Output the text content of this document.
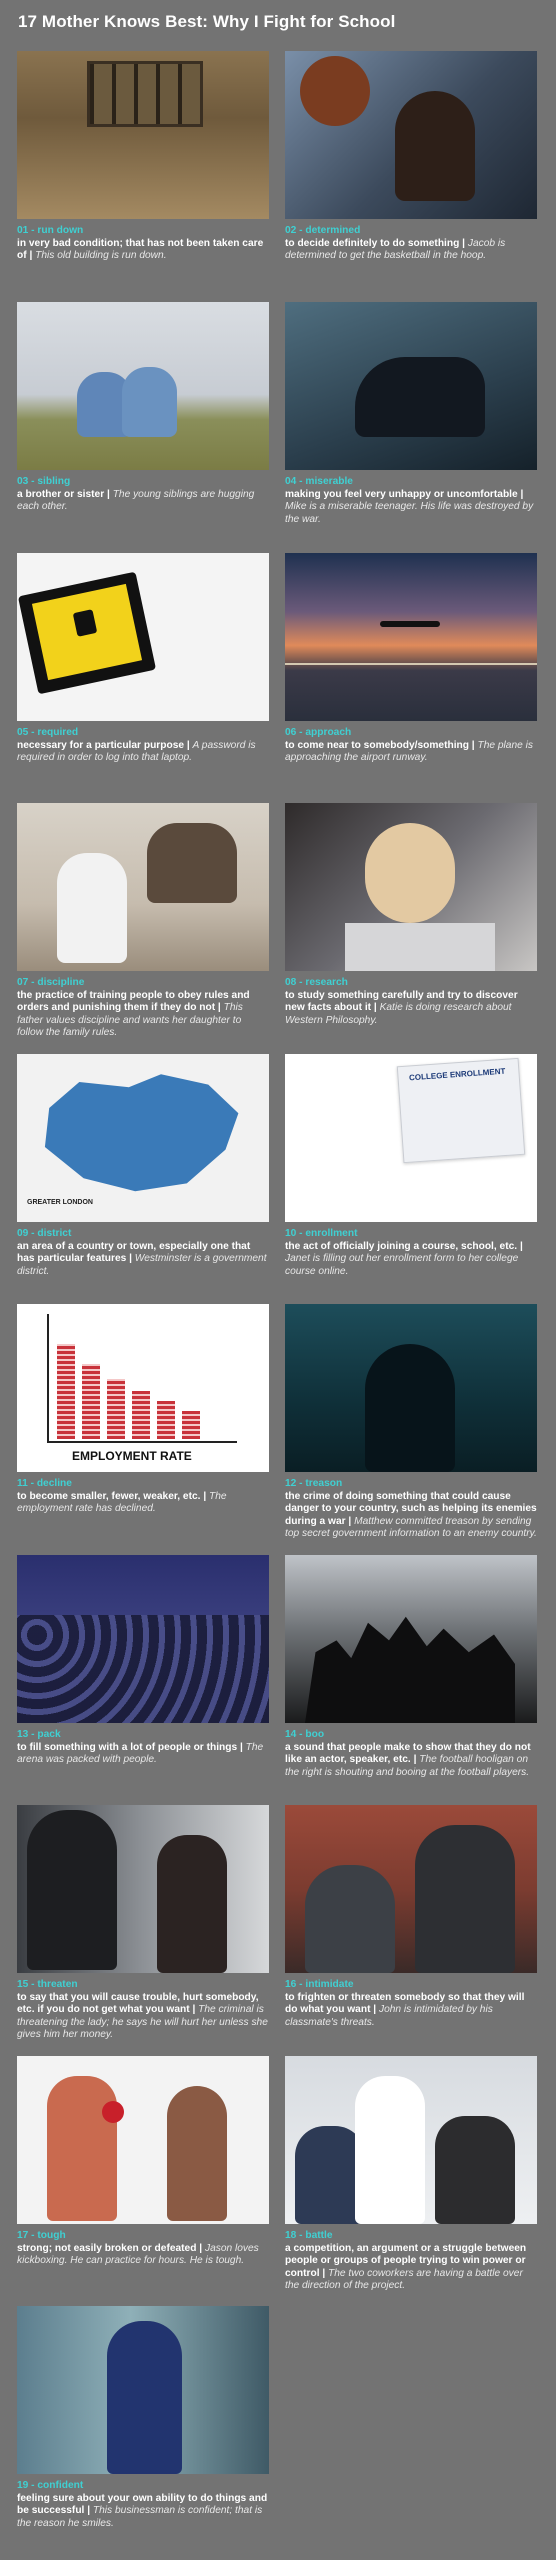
17 Mother Knows Best: Why I Fight for School
01 - run down
in very bad condition; that has not been taken care of | This old building is run down.
02 - determined
to decide definitely to do something | Jacob is determined to get the basketball in the hoop.
03 - sibling
a brother or sister | The young siblings are hugging each other.
04 - miserable
making you feel very unhappy or uncomfortable | Mike is a miserable teenager. His life was destroyed by the war.
05 - required
necessary for a particular purpose | A password is required in order to log into that laptop.
06 - approach
to come near to somebody/something | The plane is approaching the airport runway.
07 - discipline
the practice of training people to obey rules and orders and punishing them if they do not | This father values discipline and wants her daughter to follow the family rules.
08 - research
to study something carefully and try to discover new facts about it | Katie is doing research about Western Philosophy.
GREATER LONDON
09 - district
an area of a country or town, especially one that has particular features | Westminster is a government district.
COLLEGE ENROLLMENT
10 - enrollment
the act of officially joining a course, school, etc. | Janet is filling out her enrollment form to her college course online.
EMPLOYMENT RATE
11 - decline
to become smaller, fewer, weaker, etc. | The employment rate has declined.
12 - treason
the crime of doing something that could cause danger to your country, such as helping its enemies during a war | Matthew committed treason by sending top secret government information to an enemy country.
13 - pack
to fill something with a lot of people or things | The arena was packed with people.
14 - boo
a sound that people make to show that they do not like an actor, speaker, etc. | The football hooligan on the right is shouting and booing at the football players.
15 - threaten
to say that you will cause trouble, hurt somebody, etc. if you do not get what you want | The criminal is threatening the lady; he says he will hurt her unless she gives him her money.
16 - intimidate
to frighten or threaten somebody so that they will do what you want | John is intimidated by his classmate's threats.
17 - tough
strong; not easily broken or defeated | Jason loves kickboxing. He can practice for hours. He is tough.
18 - battle
a competition, an argument or a struggle between people or groups of people trying to win power or control | The two coworkers are having a battle over the direction of the project.
19 - confident
feeling sure about your own ability to do things and be successful | This businessman is confident; that is the reason he smiles.
